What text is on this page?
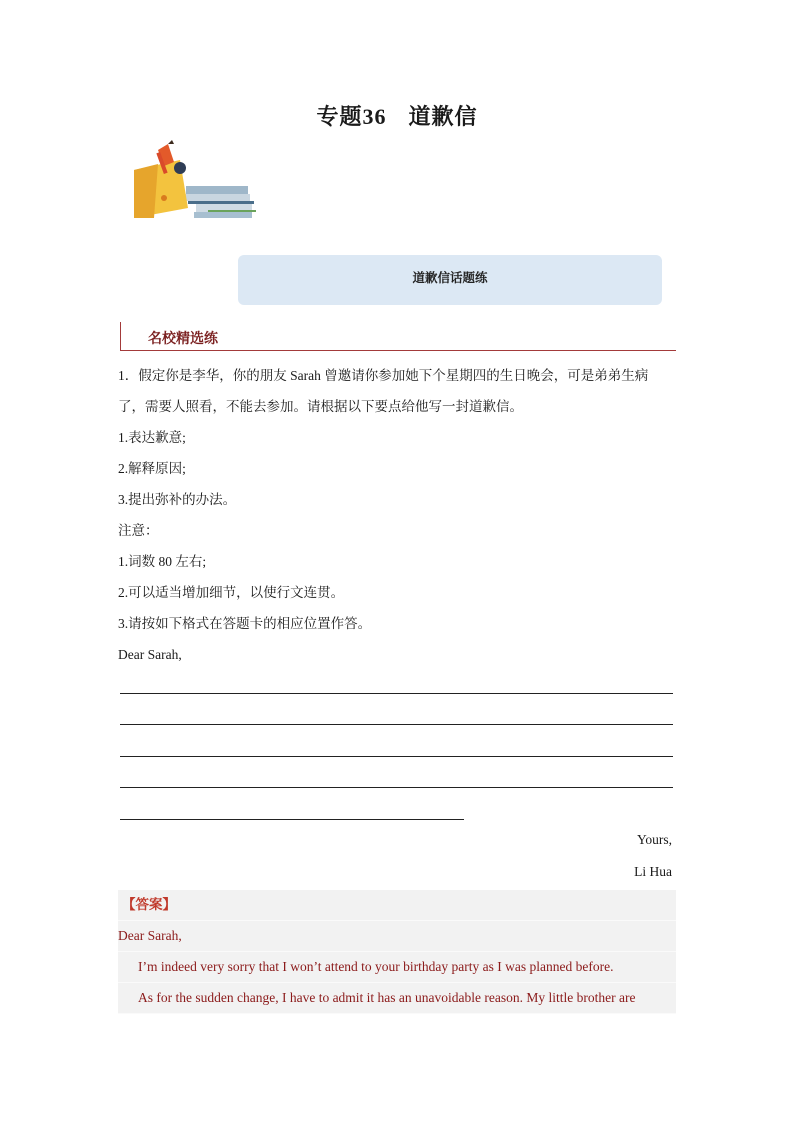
专题36 道歉信
道歉信话题练
名校精选练
1．假定你是李华，你的朋友 Sarah 曾邀请你参加她下个星期四的生日晚会，可是弟弟生病
了，需要人照看，不能去参加。请根据以下要点给他写一封道歉信。
1.表达歉意;
2.解释原因;
3.提出弥补的办法。
注意：
1.词数 80 左右;
2.可以适当增加细节，以使行文连贯。
3.请按如下格式在答题卡的相应位置作答。
Dear Sarah,
Yours,
Li Hua
【答案】
Dear Sarah,
I’m indeed very sorry that I won’t attend to your birthday party as I was planned before.
As for the sudden change, I have to admit it has an unavoidable reason. My little brother are
